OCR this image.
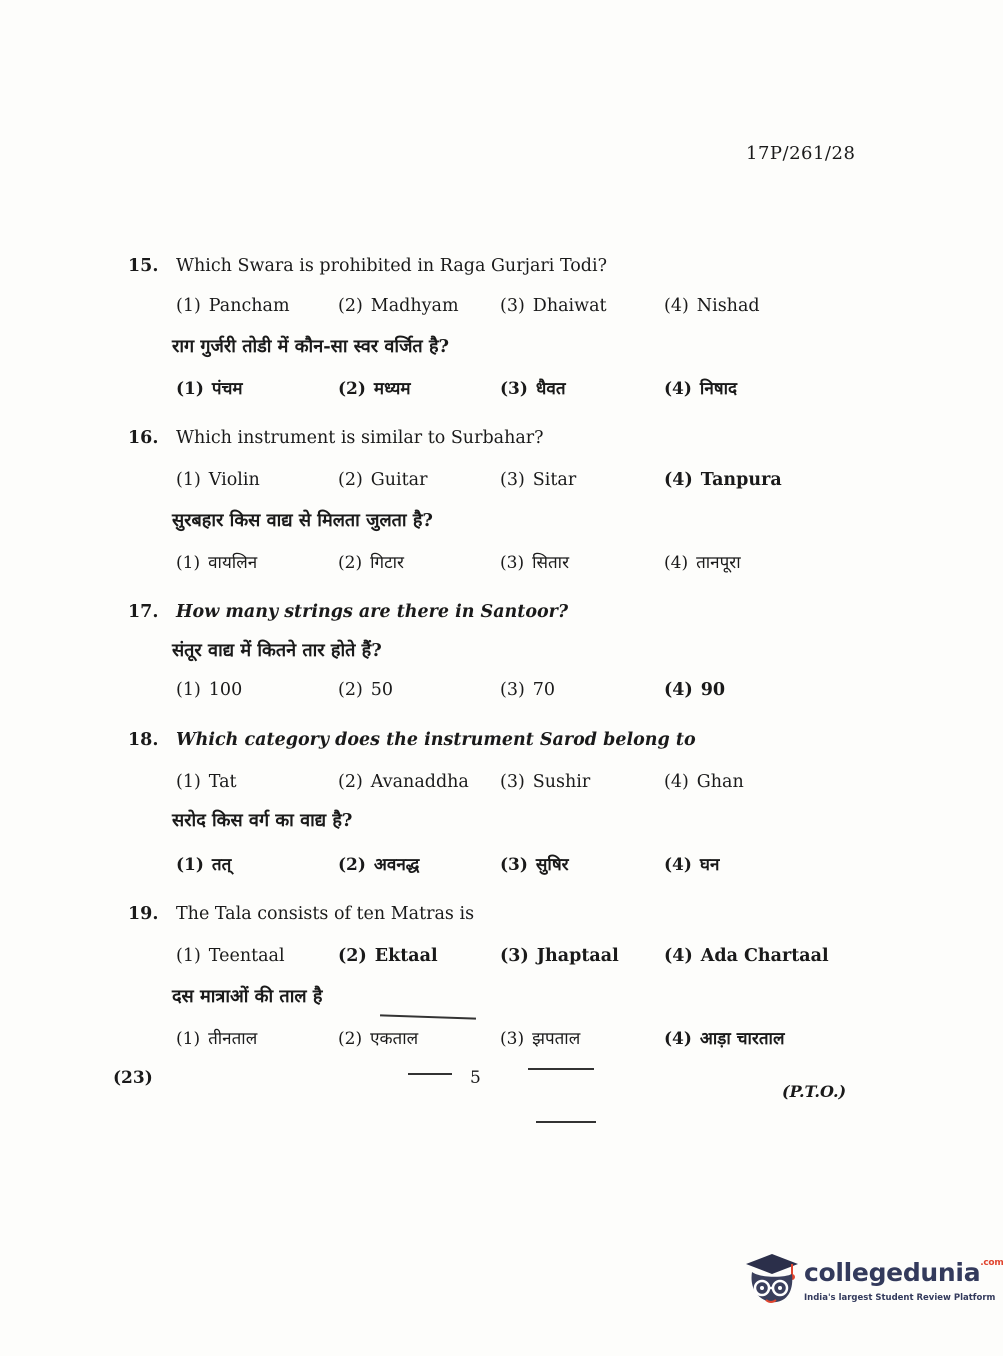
17P/261/28
15. Which Swara is prohibited in Raga Gurjari Todi?
(1) Pancham	(2) Madhyam (3) Dhaiwat	(4) Nishad
राग गुर्जरी तोडी में कौन-सा स्वर वर्जित है?
(1) पंचम	(2) मध्यम	(3) धैवत	(4) निषाद
16. Which instrument is similar to Surbahar?
(1) Violin	(2) Guitar	(3) Sitar	(4) Tanpura
सुरबहार किस वाद्य से मिलता जुलता है?
(1) वायलिन	(2) गिटार	(3) सितार	(4) तानपूरा
17. How many strings are there in Santoor?
संतूर वाद्य में कितने तार होते हैं?
(1) 100	(2) 50	(3) 70	(4) 90
18. Which category does the instrument Sarod belong to
(1) Tat	(2) Avanaddha (3) Sushir	(4) Ghan
सरोद किस वर्ग का वाद्य है?
(1) तत्	(2) अवनद्ध	(3) सुषिर	(4) घन
19. The Tala consists of ten Matras is
(1) Teentaal	(2) Ektaal	(3) Jhaptaal	(4) Ada Chartaal
दस मात्राओं की ताल है
(1) तीनताल	(2) एकताल	(3) झपताल	(4) आड़ा चारताल
(23)	5
(P.T.O.)
collegedunia$^{.com}$
India's largest Student Review Platform
